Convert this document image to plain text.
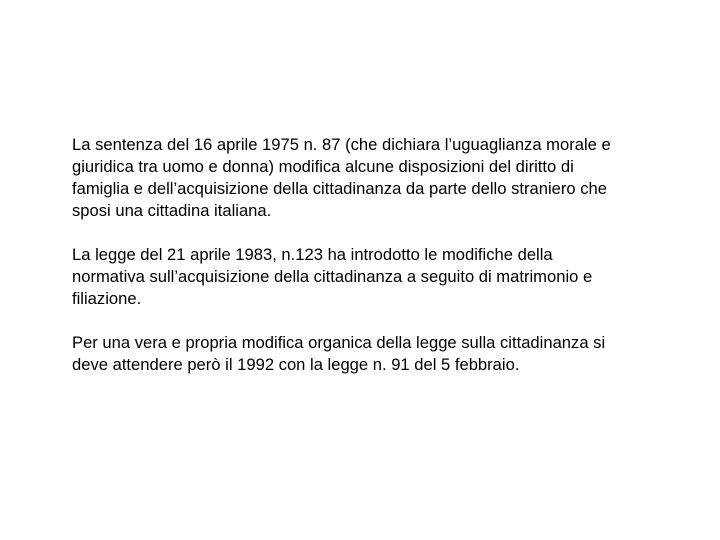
La sentenza del 16 aprile 1975 n. 87 (che dichiara l’uguaglianza morale e
giuridica tra uomo e donna) modifica alcune disposizioni del diritto di
famiglia e dell’acquisizione della cittadinanza da parte dello straniero che
sposi una cittadina italiana.

La legge del 21 aprile 1983, n.123 ha introdotto le modifiche della
normativa sull’acquisizione della cittadinanza a seguito di matrimonio e
filiazione.

Per una vera e propria modifica organica della legge sulla cittadinanza si
deve attendere però il 1992 con la legge n. 91 del 5 febbraio.
